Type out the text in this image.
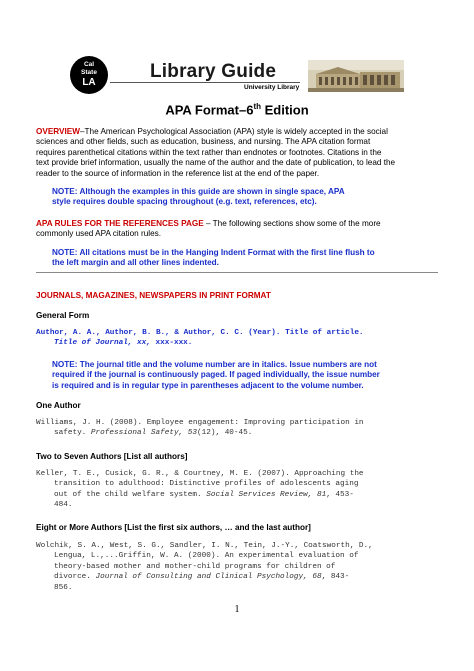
Cal
State
LA
Library Guide
University Library
APA Format–6th Edition
OVERVIEW–The American Psychological Association (APA) style is widely accepted in the social
sciences and other fields, such as education, business, and nursing. The APA citation format
requires parenthetical citations within the text rather than endnotes or footnotes. Citations in the
text provide brief information, usually the name of the author and the date of publication, to lead the
reader to the source of information in the reference list at the end of the paper.
NOTE: Although the examples in this guide are shown in single space, APA
style requires double spacing throughout (e.g. text, references, etc).
APA RULES FOR THE REFERENCES PAGE – The following sections show some of the more
commonly used APA citation rules.
NOTE: All citations must be in the Hanging Indent Format with the first line flush to
the left margin and all other lines indented.
JOURNALS, MAGAZINES, NEWSPAPERS IN PRINT FORMAT
General Form
Author, A. A., Author, B. B., & Author, C. C. (Year). Title of article.
Title of Journal, xx, xxx-xxx.
NOTE: The journal title and the volume number are in italics. Issue numbers are not
required if the journal is continuously paged. If paged individually, the issue number
is required and is in regular type in parentheses adjacent to the volume number.
One Author
Williams, J. H. (2008). Employee engagement: Improving participation in
safety. Professional Safety, 53(12), 40-45.
Two to Seven Authors [List all authors]
Keller, T. E., Cusick, G. R., & Courtney, M. E. (2007). Approaching the
transition to adulthood: Distinctive profiles of adolescents aging
out of the child welfare system. Social Services Review, 81, 453-
484.
Eight or More Authors [List the first six authors, … and the last author]
Wolchik, S. A., West, S. G., Sandler, I. N., Tein, J.-Y., Coatsworth, D.,
Lengua, L.,...Griffin, W. A. (2000). An experimental evaluation of
theory-based mother and mother-child programs for children of
divorce. Journal of Consulting and Clinical Psychology, 68, 843-
856.
1
